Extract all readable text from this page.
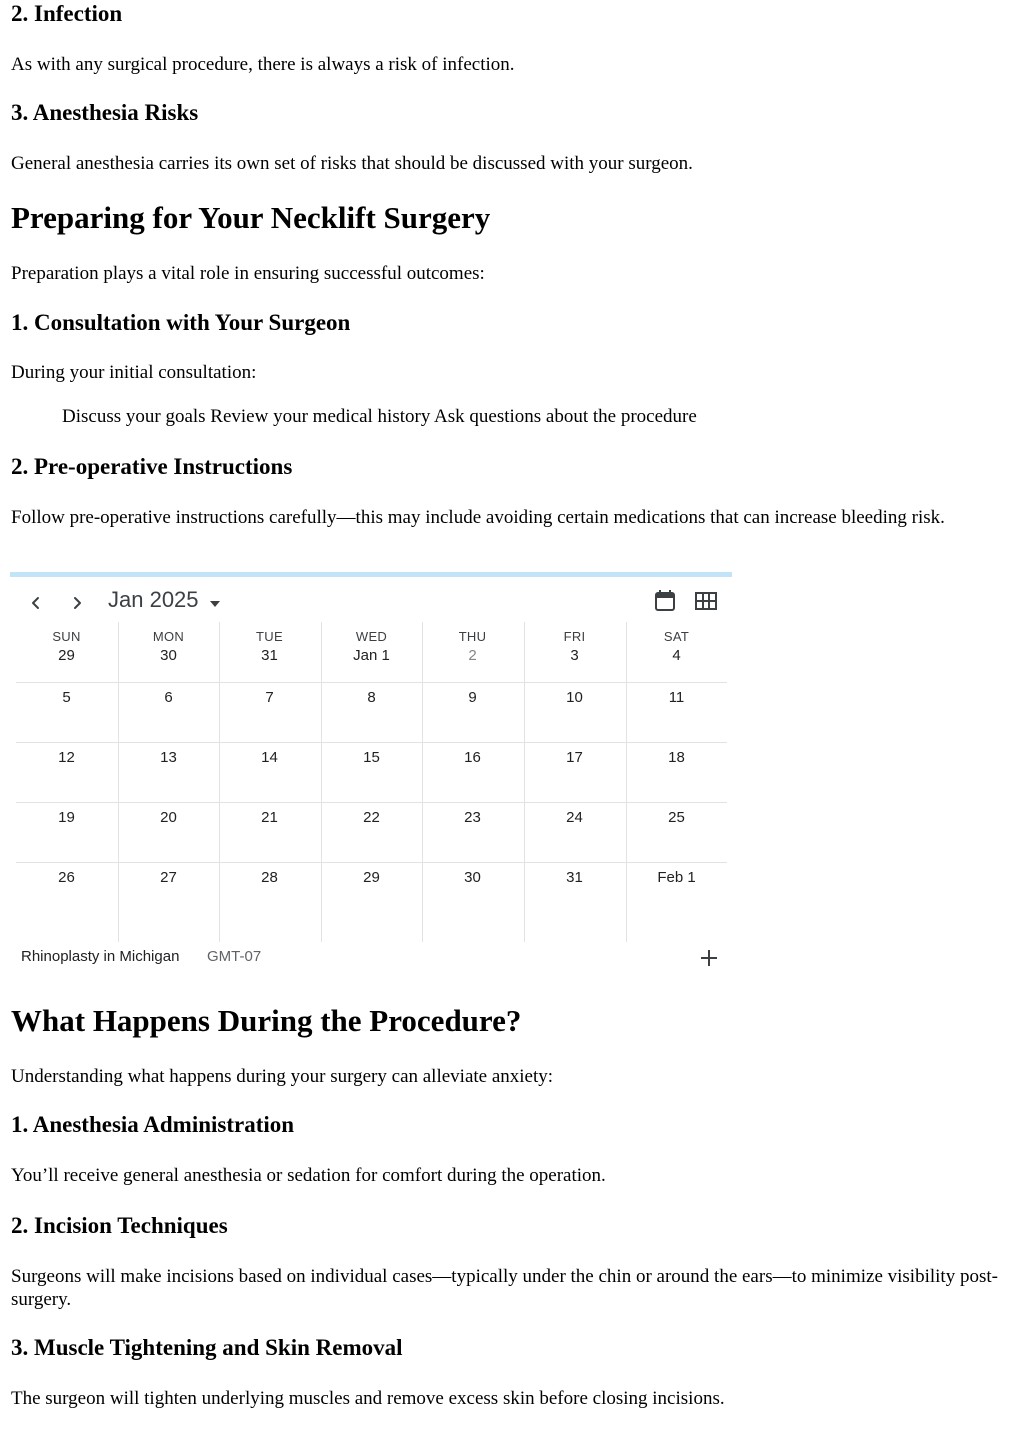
2. Infection

As with any surgical procedure, there is always a risk of infection.

3. Anesthesia Risks

General anesthesia carries its own set of risks that should be discussed with your surgeon.

Preparing for Your Necklift Surgery

Preparation plays a vital role in ensuring successful outcomes:

1. Consultation with Your Surgeon

During your initial consultation:

Discuss your goals Review your medical history Ask questions about the procedure

2. Pre-operative Instructions

Follow pre-operative instructions carefully—this may include avoiding certain medications that can increase bleeding risk.

Jan 2025
SUN	MON	TUE	WED	THU	FRI	SAT
29	30	31	Jan 1	2	3	4
5	6	7	8	9	10	11
12	13	14	15	16	17	18
19	20	21	22	23	24	25
26	27	28	29	30	31	Feb 1
Rhinoplasty in Michigan GMT-07
What Happens During the Procedure?

Understanding what happens during your surgery can alleviate anxiety:

1. Anesthesia Administration

You’ll receive general anesthesia or sedation for comfort during the operation.

2. Incision Techniques

Surgeons will make incisions based on individual cases—typically under the chin or around the ears—to minimize visibility post-surgery.

3. Muscle Tightening and Skin Removal

The surgeon will tighten underlying muscles and remove excess skin before closing incisions.
